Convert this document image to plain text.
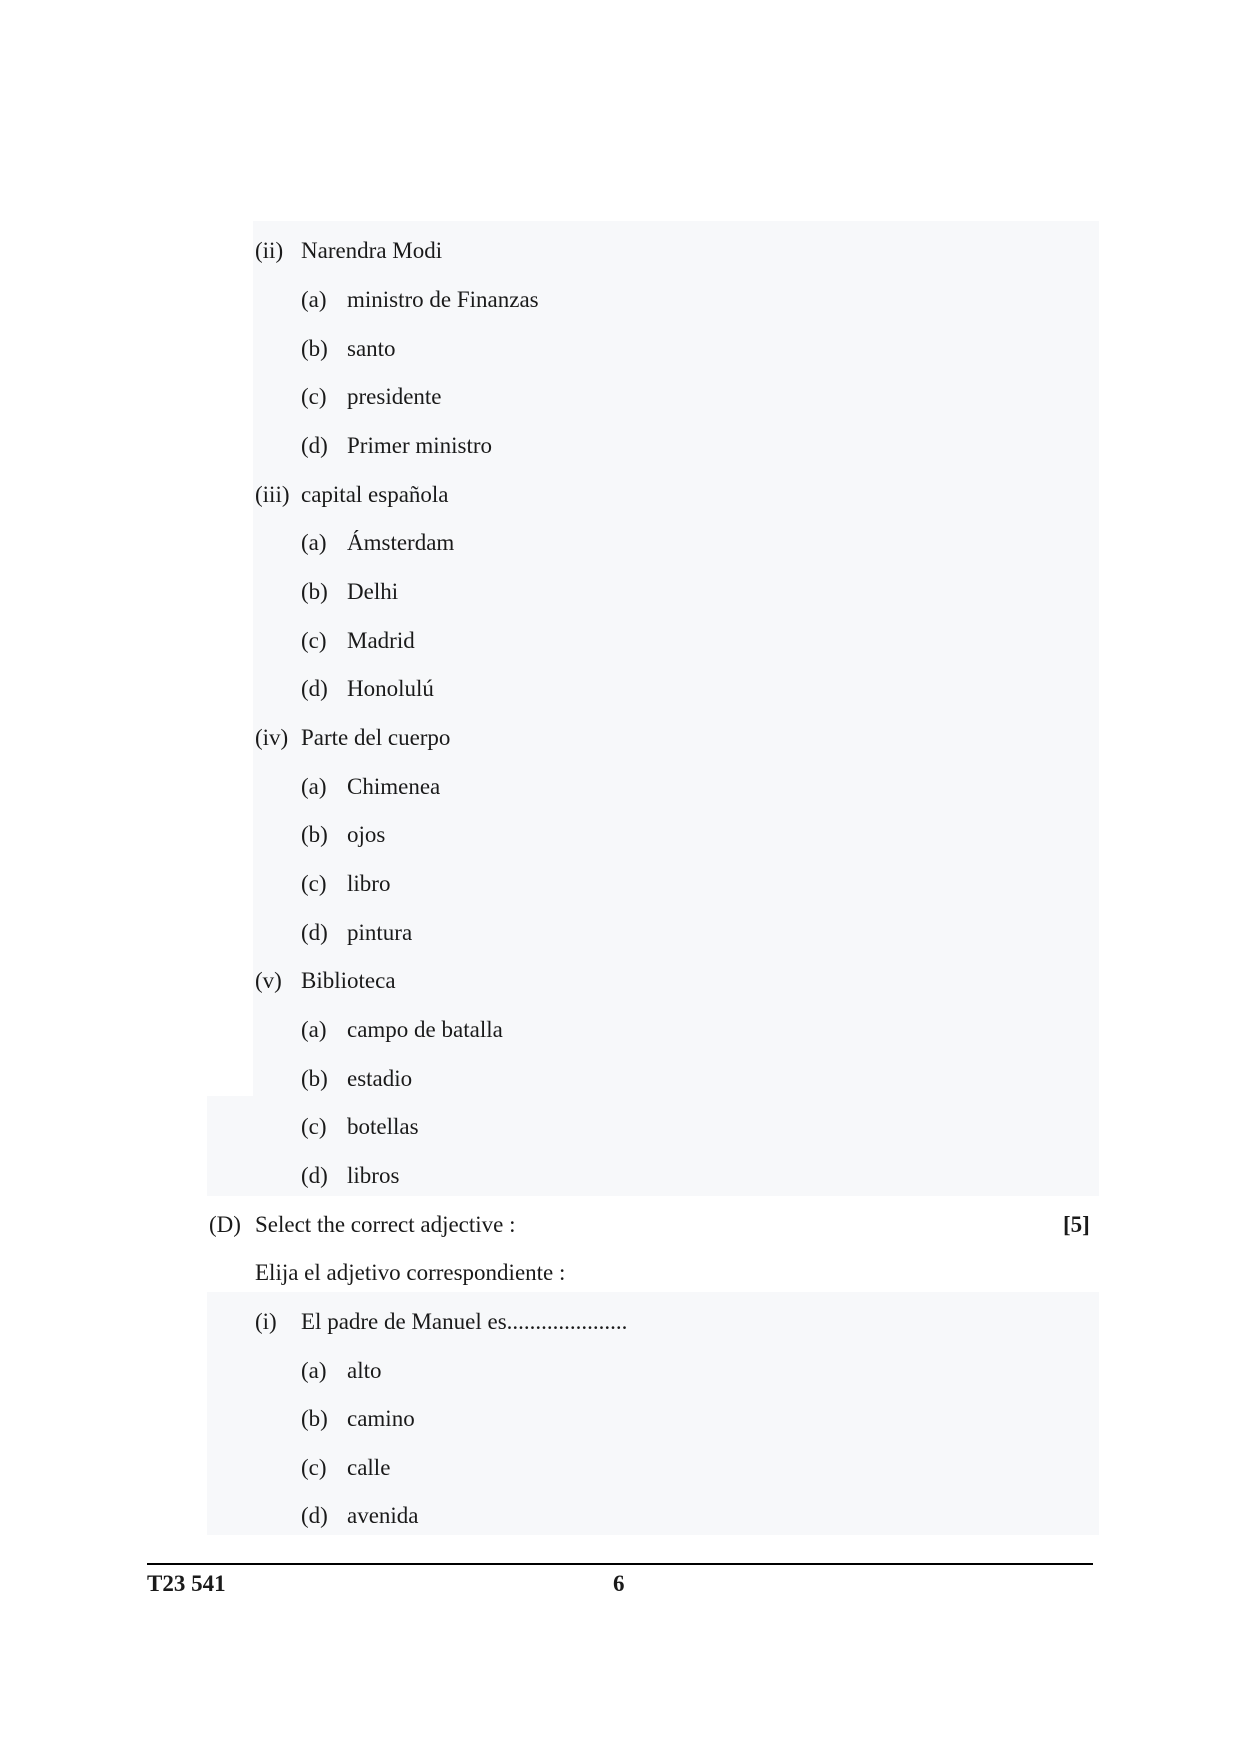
(ii) Narendra Modi
(a) ministro de Finanzas
(b) santo
(c) presidente
(d) Primer ministro
(iii) capital española
(a) Ámsterdam
(b) Delhi
(c) Madrid
(d) Honolulú
(iv) Parte del cuerpo
(a) Chimenea
(b) ojos
(c) libro
(d) pintura
(v) Biblioteca
(a) campo de batalla
(b) estadio
(c) botellas
(d) libros
(D) Select the correct adjective :	[5]
Elija el adjetivo correspondiente :
(i) El padre de Manuel es.....................
(a) alto
(b) camino
(c) calle
(d) avenida
T23 541	6
